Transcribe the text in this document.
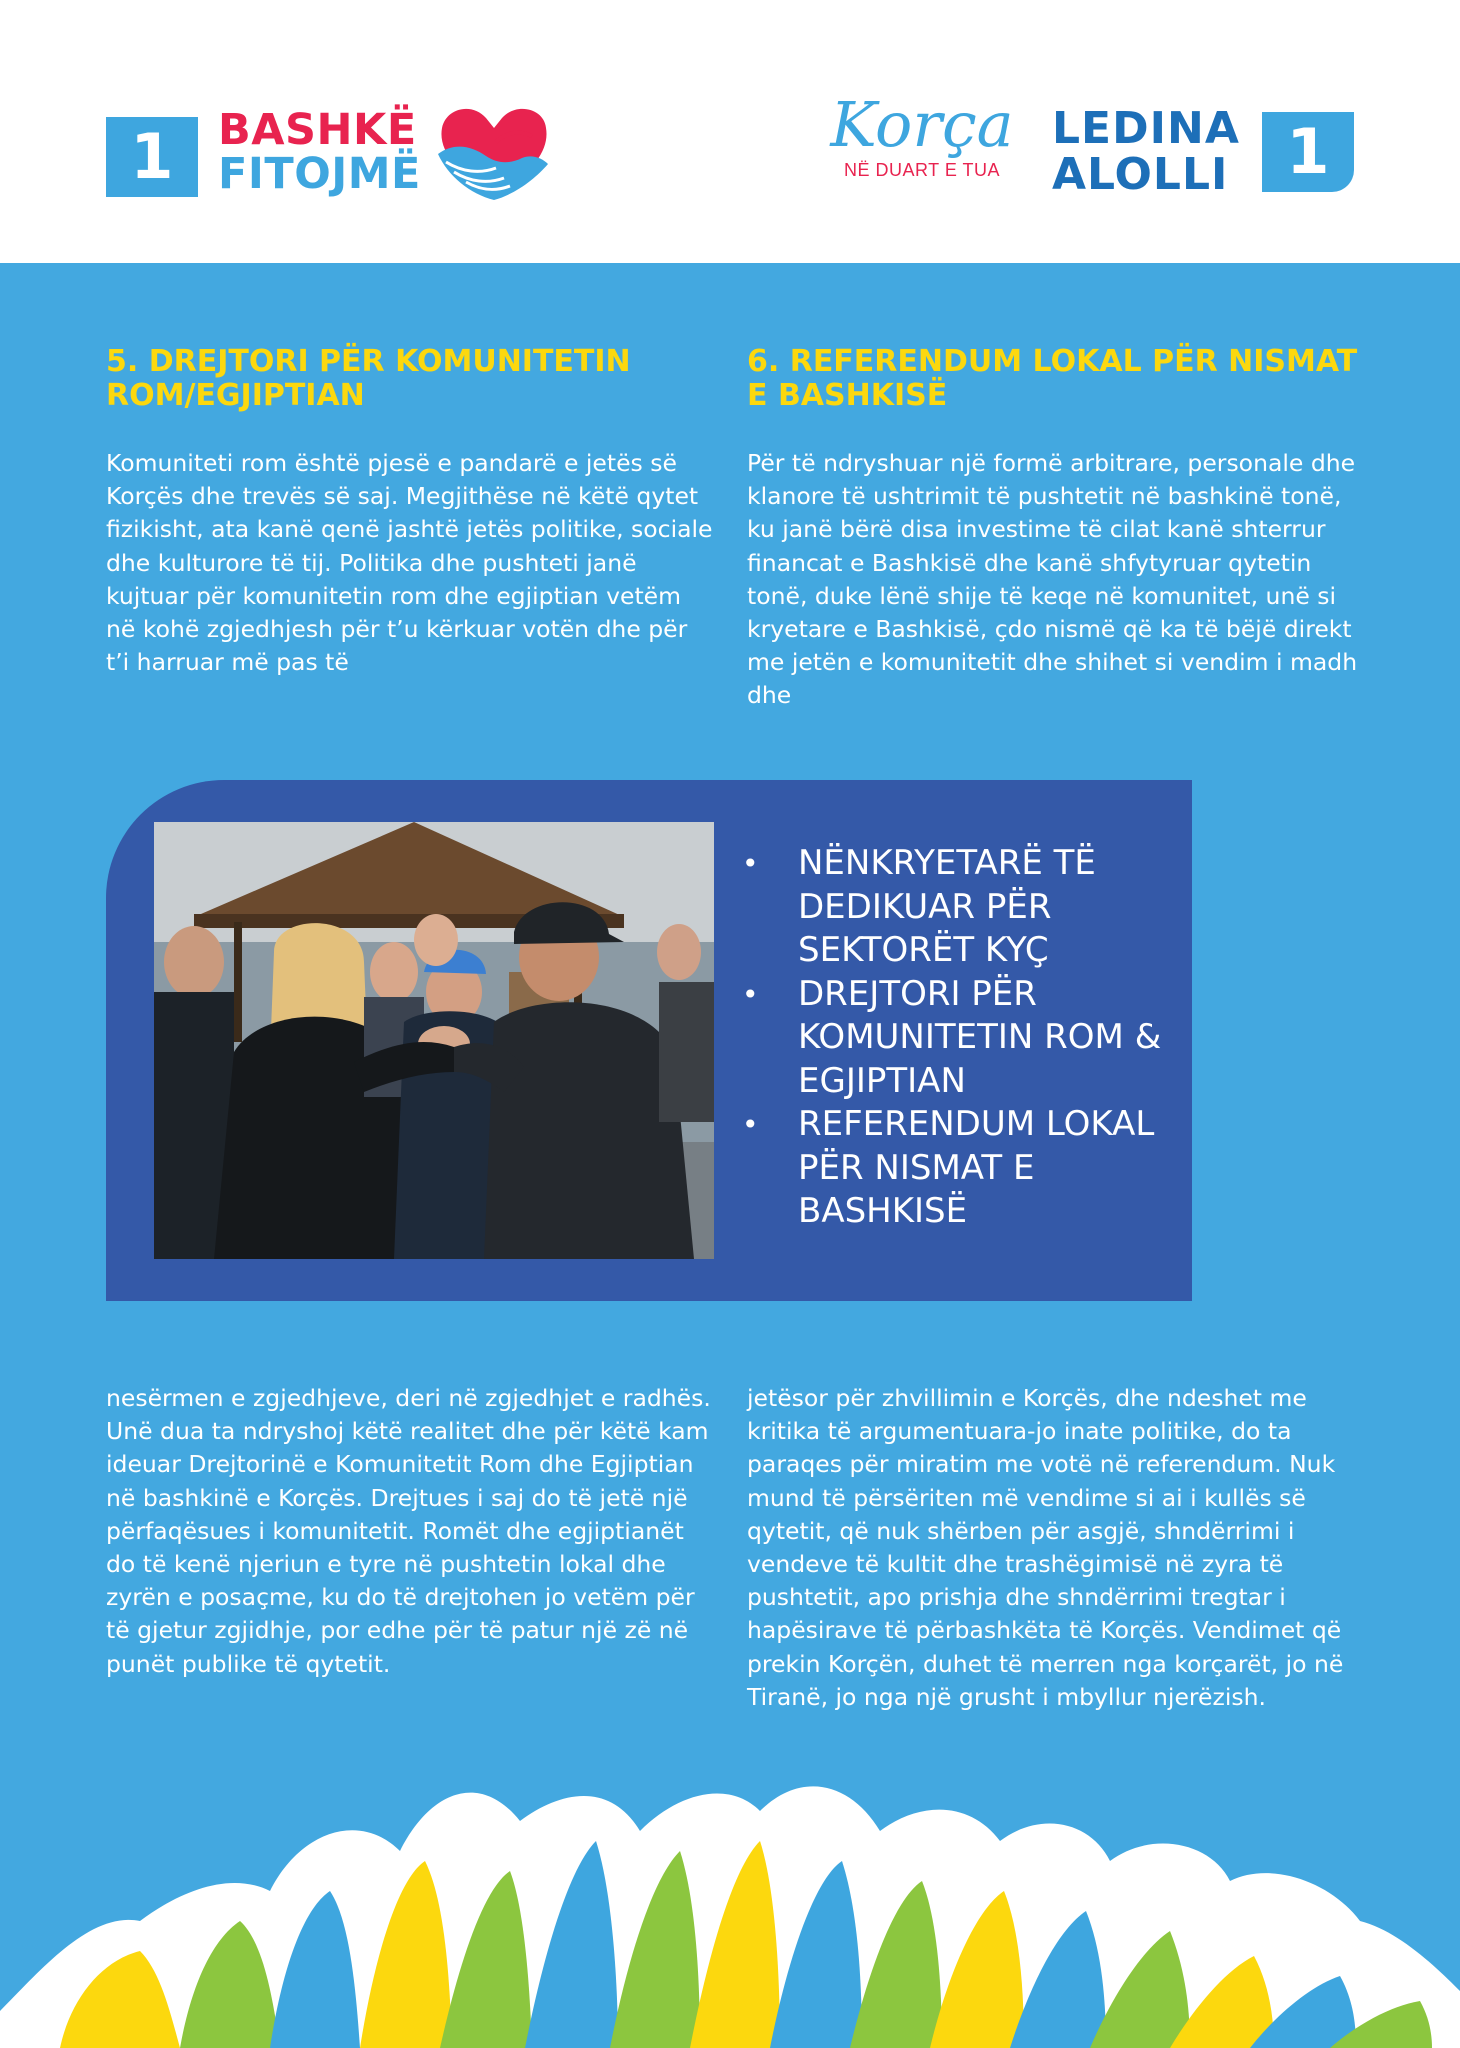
1	BASHKË
FITOJMË
Korça
NË DUART E TUA
LEDINA
ALOLLI 1
5. DREJTORI PËR KOMUNITETIN ROM/EGJIPTIAN
6. REFERENDUM LOKAL PËR NISMAT E BASHKISË

Komuniteti rom është pjesë e pandarë e jetës së Korçës dhe trevës së saj. Megjithëse në këtë qytet fizikisht, ata kanë qenë jashtë jetës politike, sociale dhe kulturore të tij. Politika dhe pushteti janë kujtuar për komunitetin rom dhe egjiptian vetëm në kohë zgjedhjesh për t’u kërkuar votën dhe për t’i harruar më pas të

Për të ndryshuar një formë arbitrare, personale dhe klanore të ushtrimit të pushtetit në bashkinë tonë, ku janë bërë disa investime të cilat kanë shterrur financat e Bashkisë dhe kanë shfytyruar qytetin tonë, duke lënë shije të keqe në komunitet, unë si kryetare e Bashkisë, çdo nismë që ka të bëjë direkt me jetën e komunitetit dhe shihet si vendim i madh dhe

• NËNKRYETARË TË DEDIKUAR PËR SEKTORËT KYÇ
• DREJTORI PËR KOMUNITETIN ROM & EGJIPTIAN
• REFERENDUM LOKAL PËR NISMAT E BASHKISË

nesërmen e zgjedhjeve, deri në zgjedhjet e radhës. Unë dua ta ndryshoj këtë realitet dhe për këtë kam ideuar Drejtorinë e Komunitetit Rom dhe Egjiptian në bashkinë e Korçës. Drejtues i saj do të jetë një përfaqësues i komunitetit. Romët dhe egjiptianët do të kenë njeriun e tyre në pushtetin lokal dhe zyrën e posaçme, ku do të drejtohen jo vetëm për të gjetur zgjidhje, por edhe për të patur një zë në punët publike të qytetit.

jetësor për zhvillimin e Korçës, dhe ndeshet me kritika të argumentuara-jo inate politike, do ta paraqes për miratim me votë në referendum. Nuk mund të përsëriten më vendime si ai i kullës së qytetit, që nuk shërben për asgjë, shndërrimi i vendeve të kultit dhe trashëgimisë në zyra të pushtetit, apo prishja dhe shndërrimi tregtar i hapësirave të përbashkëta të Korçës. Vendimet që prekin Korçën, duhet të merren nga korçarët, jo në Tiranë, jo nga një grusht i mbyllur njerëzish.
